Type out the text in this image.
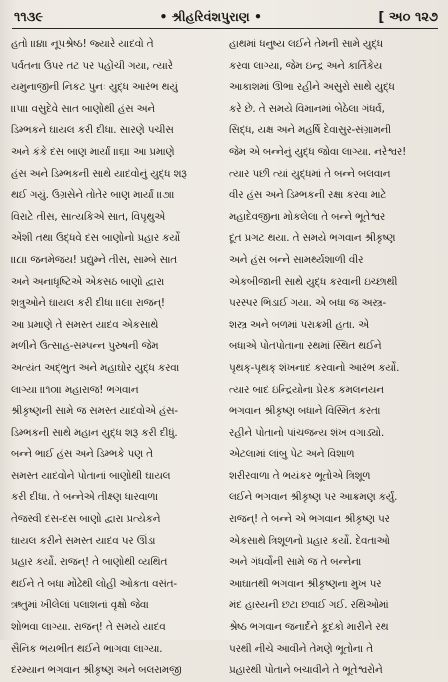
૧૧૩૯	• શ્રીહરિવંશપુરાણ •	[ અ૦ ૧૨૭
હતો ॥૪॥ નૂપશ્રેષ્ઠ! જ્યારે યાદવો તે
પર્વતના ઉપર તટ પર પહોંચી ગયા, ત્યારે
યમુનાજીની નિકટ પુનઃ યુદ્ધ આરંભ થયું
॥૫॥ વસુદેવે સાત બાણોથી હંસ અને
ડિમ્ભકને ઘાયલ કરી દીધા. સારણે પચીસ
અને કંકે દસ બાણ માર્યાં ॥૬॥ આ પ્રમાણે
હંસ અને ડિમ્ભકની સાથે યાદવોનું યુદ્ધ શરૂ
થઈ ગયું. ઉગ્રસેને તોતેર બાણ માર્યાં ॥૭॥
વિરાટે તીસ, સાત્યકિએ સાત, વિપૃથુએ
એંશી તથા ઉદ્ધવે દસ બાણોનો પ્રહાર કર્યો
॥૮॥ જનમેજય! પ્રદ્યુમ્ને તીસ, સામ્બે સાત
અને અનાધૃષ્ટિએ એકસઠ બાણો દ્વારા
શત્રુઓને ઘાયલ કરી દીધા ॥૯॥ રાજન્!
આ પ્રમાણે તે સમસ્ત યાદવ એકસાથે
મળીને ઉત્સાહ-સમ્પન્ન પુરુષની જેમ
અત્યંત અદ્ભુત અને મહાઘોર યુદ્ધ કરવા
લાગ્યા ॥૧૦॥ મહારાજ! ભગવાન
શ્રીકૃષ્ણની સામે જ સમસ્ત યાદવોએ હંસ-
ડિમ્ભકની સાથે મહાન યુદ્ધ શરૂ કરી દીધું.
બન્ને ભાઈ હંસ અને ડિમ્ભકે પણ તે
સમસ્ત યાદવોને પોતાનાં બાણોથી ઘાયલ
કરી દીધા. તે બન્નેએ તીક્ષ્ણ ધારવાળા
તેજસ્વી દસ-દસ બાણો દ્વારા પ્રત્યેકને
ઘાયલ કરીને સમસ્ત યાદવ પર ઊંડા
પ્રહાર કર્યો. રાજન્! તે બાણોથી વ્યથિત
થઈને તે બધા મોંઢેથી લોહી ઓકતા વસંત-
ઋતુમાં ખીલેલાં પલાશનાં વૃક્ષો જેવા
શોભવા લાગ્યા. રાજન્! તે સમયે યાદવ
સૈનિક ભયભીત થઈને ભાગવા લાગ્યા.
દરમ્યાન ભગવાન શ્રીકૃષ્ણ અને બલરામજી
હાથમાં ધનુષ્ય લઈને તેમની સામે યુદ્ધ
કરવા લાગ્યા, જેમ ઇન્દ્ર અને કાર્તિકેય
આકાશમાં ઊભા રહીને અસુરો સાથે યુદ્ધ
કરે છે. તે સમયે વિમાનમાં બેઠેલા ગંધર્વ,
સિદ્ધ, યક્ષ અને મહર્ષિ દેવાસુર-સંગ્રામની
જેમ એ બન્નેનું યુદ્ધ જોવા લાગ્યા. નરેશ્વર!
ત્યાર પછી ત્યાં યુદ્ધમાં તે બન્ને બલવાન
વીર હંસ અને ડિમ્ભકની રક્ષા કરવા માટે
મહાદેવજીના મોકલેલા તે બન્ને ભૂતેશ્વર
દૂત પ્રગટ થયા. તે સમયે ભગવાન શ્રીકૃષ્ણ
અને હંસ બન્ને સામર્થ્યશાળી વીર
એકબીજાની સાથે યુદ્ધ કરવાની ઇચ્છાથી
પરસ્પર ભિડાઈ ગયા. એ બધા જ અસ્ત્ર-
શસ્ત્ર અને બળમાં પરાક્રમી હતા. એ
બધાએ પોતપોતાના રથમાં સ્થિત થઈને
પૃથક્-પૃથક્ શંખનાદ કરવાનો આરંભ કર્યો.
ત્યાર બાદ ઇન્દ્રિયોના પ્રેરક કમલનયન
ભગવાન શ્રીકૃષ્ણ બધાને વિસ્મિત કરતા
રહીને પોતાનો પાંચજન્ય શંખ વગાડ્યો.
એટલામાં લાંબુ પેટ અને વિશાળ
શરીરવાળા તે ભયંકર ભૂતોએ ત્રિશૂળ
લઈને ભગવાન શ્રીકૃષ્ણ પર આક્રમણ કર્યું.
રાજન્! તે બન્ને એ ભગવાન શ્રીકૃષ્ણ પર
એકસાથે ત્રિશૂળનો પ્રહાર કર્યો. દેવતાઓ
અને ગંધર્વોની સામે જ તે બન્નેના
આઘાતથી ભગવાન શ્રીકૃષ્ણના મુખ પર
મંદ હાસ્યની છટા છવાઈ ગઈ. રથિઓમાં
શ્રેષ્ઠ ભગવાન જનાર્દને કૂદકો મારીને રથ
પરથી નીચે આવીને તેમણે ભૂતોના તે
પ્રહારથી પોતાને બચાવીને તે ભૂતેશ્વરોને
